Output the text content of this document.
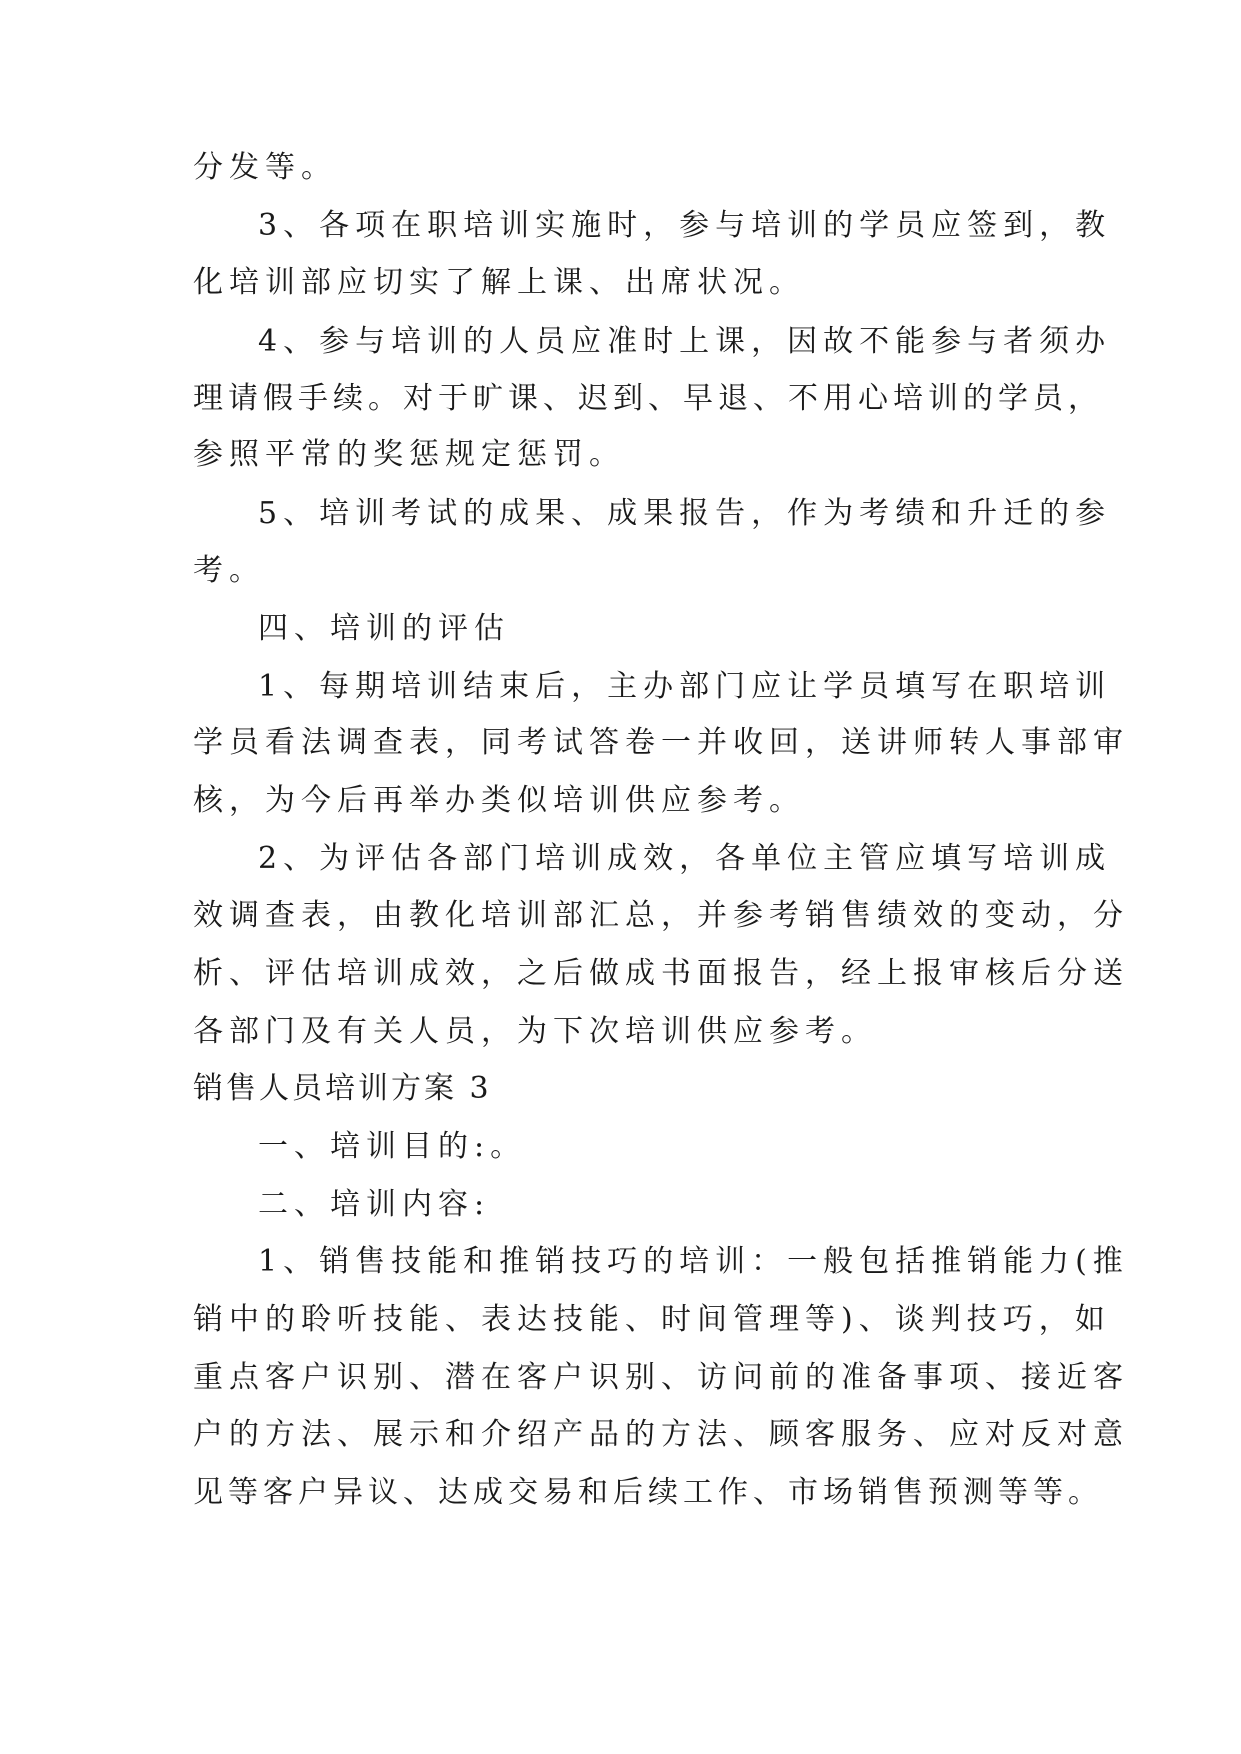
分发等。
3、各项在职培训实施时，参与培训的学员应签到，教
化培训部应切实了解上课、出席状况。
4、参与培训的人员应准时上课，因故不能参与者须办
理请假手续。对于旷课、迟到、早退、不用心培训的学员，
参照平常的奖惩规定惩罚。
5、培训考试的成果、成果报告，作为考绩和升迁的参
考。
四、培训的评估
1、每期培训结束后，主办部门应让学员填写在职培训
学员看法调查表，同考试答卷一并收回，送讲师转人事部审
核，为今后再举办类似培训供应参考。
2、为评估各部门培训成效，各单位主管应填写培训成
效调查表，由教化培训部汇总，并参考销售绩效的变动，分
析、评估培训成效，之后做成书面报告，经上报审核后分送
各部门及有关人员，为下次培训供应参考。
销售人员培训方案 3
一、培训目的:。
二、培训内容:
1、销售技能和推销技巧的培训：一般包括推销能力(推
销中的聆听技能、表达技能、时间管理等)、谈判技巧，如
重点客户识别、潜在客户识别、访问前的准备事项、接近客
户的方法、展示和介绍产品的方法、顾客服务、应对反对意
见等客户异议、达成交易和后续工作、市场销售预测等等。
